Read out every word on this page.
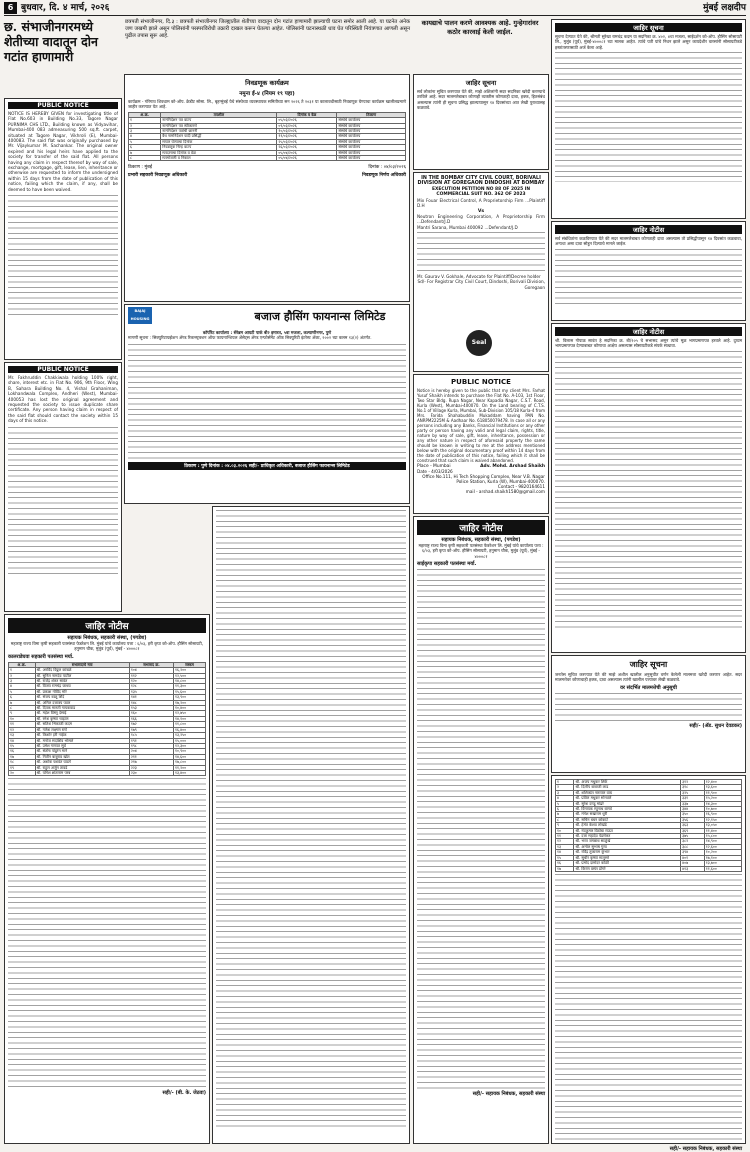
6 बुधवार, दि. ४ मार्च, २०२६	मुंबई लक्षदीप
छ. संभाजीनगरमध्ये शेतीच्या वादातून दोन गटांत हाणामारी
छत्रपती संभाजीनगर, दि.३ : छत्रपती संभाजीनगर जिल्ह्यातील शेतीच्या वादातून दोन गटांत हाणामारी झाल्याची घटना समोर आली आहे. या घटनेत अनेक जण जखमी झाले असून पोलिसांनी परस्परविरोधी तक्रारी दाखल करून घेतल्या आहेत. पोलिसांनी घटनास्थळी धाव घेत परिस्थिती नियंत्रणात आणली असून पुढील तपास सुरू आहे.
कायद्याचे पालन करणे आवश्यक आहे. गुन्हेगारांवर कठोर कारवाई केली जाईल.
PUBLIC NOTICE
NOTICE IS HEREBY GIVEN for investigating title of Flat No.603 in Building No.33, Tagore Nagar PURNIMA CHS LTD., Building known as Vidyavihar, Mumbai-400 083 admeasuring 500 sq.ft. carpet, situated at Tagore Nagar, Vikhroli (E), Mumbai-400083. The said flat was originally purchased by Mr. Vijaykumar M. Sachankar. The original owner expired and his legal heirs have applied to the society for transfer of the said flat. All persons having any claim in respect thereof by way of sale, exchange, mortgage, gift, lease, lien, inheritance or otherwise are requested to inform the undersigned within 15 days from the date of publication of this notice, failing which the claim, if any, shall be deemed to have been waived.
PUBLIC NOTICE
Mr. Fakhruddin Chakkiwala holding 100% right, share, interest etc. in Flat No. 906, 9th Floor, Wing B, Sahara Building No. 4, Vishal Grahaniman, Lokhandwala Complex, Andheri (West), Mumbai-400053 has lost the original agreement and requested the society to issue duplicate share certificate. Any person having claim in respect of the said flat should contact the society within 15 days of this notice.
निवडणूक कार्यक्रम
नमुना ई-४ (नियम १९ पहा)
कार्यक्रम - गोरेगाव शिवधाम को-ऑप. क्रेडीट सोसा. लि., बृहन्मुंबई येथे संस्थेच्या व्यवस्थापक समितीच्या सन २०२६ ते २०३१ या कालावधीसाठी निवडणूक घेण्याचा कार्यक्रम खालीलप्रमाणे जाहीर करण्यात येत आहे.
अ.क्र.	तपशील	दिनांक व वेळ	ठिकाण
१	नामनिर्देशन पत्र वाटप	०५/०३/२०२६	संस्थेचे कार्यालय
२	नामनिर्देशन पत्र स्वीकारणे	०९/०३/२०२६	संस्थेचे कार्यालय
३	नामनिर्देशन पत्रांची छाननी	१०/०३/२०२६	संस्थेचे कार्यालय
४	वैध नामनिर्देशन यादी प्रसिद्धी	११/०३/२०२६	संस्थेचे कार्यालय
५	माघार घेण्याचा दिनांक	२५/०३/२०२६	संस्थेचे कार्यालय
६	निवडणूक चिन्ह वाटप	२६/०३/२०२६	संस्थेचे कार्यालय
७	मतदानाचा दिनांक व वेळ	०५/०४/२०२६	संस्थेचे कार्यालय
८	मतमोजणी व निकाल	०५/०४/२०२६	संस्थेचे कार्यालय
ठिकाण : मुंबई	दिनांक : ०४/०३/२०२६
प्रभारी सहकारी निवडणूक अधिकारी	निवडणूक निर्णय अधिकारी
जाहिर सूचना
सर्व लोकांना सूचित करण्यात येते की, माझे अशिलांनी सदर सदनिका खरेदी करण्याचे ठरविले आहे. सदर मालमत्तेबाबत कोणाही व्यक्तीस कोणताही दावा, हक्क, हितसंबंध असल्यास त्यांनी ही सूचना प्रसिद्ध झाल्यापासून १४ दिवसांच्या आत लेखी पुराव्यासह कळवावे.
IN THE BOMBAY CITY CIVIL COURT, BORIVALI DIVISION AT GOREGAON DINDOSHI AT BOMBAY
EXECUTION PETITION NO 88 OF 2025 IN COMMERCIAL SUIT NO. 362 OF 2023
Mix Fouar Electrical Control, A Proprietorship Firm ...Plaintiff D.H
Vs
Neutron Engineering Corporation, A Proprietorship Firm ...Defendant/J.D
Mantri Sarana, Mumbai 400092 ...Defendant/J.D
Mr. Gaurav V. Gokhale, Advocate for Plaintiff/Decree holder
Sd/- For Registrar City Civil Court, Dindoshi, Borivali Division, Goregaon
Seal
PUBLIC NOTICE
Notice is hereby given to the public that my client Mrs. Farhat Yusuf Shaikh intends to purchase the Flat No. A-103, 1st Floor, Two Star Bldg. Rupa Nagar, Near Kapadia Nagar, C.S.T. Road, Kurla (West), Mumbai-400070. On the Land bearing of C.T.S. No.1 of Village Kurla, Mumbai, Sub-Division 105/18 Kurla-4 from Mrs. Farida Shahabuddin Mukaddam having PAN No. ANRPM2225M & Aadhaar No. 618050079478. In case all or any persons including any Banks, Financial Institutions or any other party or person having any valid and legal claim, rights, title, nature by way of sale, gift, lease, inheritance, possession or any other nature in respect of aforesaid property the same should be known in writing to me at the address mentioned below with the original documentary proof within 14 days from the date of publication of this notice, failing which it shall be construed that such claim is waived abandoned.
Place - Mumbai	Adv. Mohd. Arshad Shaikh
Date - 4/03/2026
Office No.111, Hi Tech Shopping Complex, Near V.B. Nagar Police Station, Kurla (W), Mumbai-400070.
Contact - 9820164611
mail - arshad.shaikh1580@gmail.com
कॉर्पोरेट कार्यालय : सेरेब्रम आयटी पार्क बी२ इमारत, ५वा मजला, कल्याणीनगर, पुणे
मागणी सूचना : सिक्युरिटायझेशन ॲण्ड रिकन्स्ट्रक्शन ऑफ फायनान्शियल ॲसेट्स ॲण्ड एन्फोर्समेंट ऑफ सिक्युरिटी इंटरेस्ट ॲक्ट, २००२ च्या कलम १३(२) अंतर्गत.
ठिकाण : पुणे दिनांक : ०४.०३.२०२६ सही/- प्राधिकृत अधिकारी, बजाज हौसिंग फायनान्स लिमिटेड
BAJAJ HOUSING FINANCE
बजाज हौसिंग फायनान्स लिमिटेड
जाहिर नोटीस
सहायक निबंधक, सहकारी संस्था, (पगडेश)
महाराष्ट्र राज्य विमा कृषी सहकारी पतसंस्था फेडरेशन लि. मुंबई यांचे कार्यालय पत्ता : ६/०३, हरी कृपा को-ऑप. हौसिंग सोसायटी, हनुमान चौक, मुलुंड (पूर्व), मुंबई - ४०००८१
कालराडेघवा सहकारी पतसंस्था मर्या.
अ.क्र.	सभासदाचे नाव	सभासद क्र.	रक्कम
१	श्री. अरविंद विठ्ठल कांबळे	१०४	१६,२००
२	श्री. सुनिल नामदेव पाटील	११२	१२,५००
३	श्री. राजेंद्र शंकर सावंत	१२०	१४,८००
४	श्री. विजय रामचंद्र जाधव	१२८	११,३००
५	श्री. प्रकाश गोविंद मोरे	१३५	१५,६००
६	श्री. संजय बाळू शिंदे	१४१	१३,९००
७	श्री. अनिल दत्तात्रय पवार	१४८	१७,२००
८	श्री. दिपक मारुती गायकवाड	१५३	१०,४००
९	श्री. महेश विष्णू देसाई	१६०	१२,७५०
१०	श्री. रमेश कृष्णा चव्हाण	१६६	१४,१००
११	श्री. सतिश भिकाजी कदम	१७२	११,८००
१२	श्री. गणेश लक्ष्मण राणे	१७९	१६,४००
१३	श्री. किशोर हरी नाईक	१८५	१३,२५०
१४	श्री. मनोज सदाशिव भोसले	१९१	१५,०००
१५	श्री. उमेश गणपत सुर्वे	१९८	१२,३००
१६	श्री. संतोष पांडुरंग माने	२०४	१०,९००
१७	श्री. नितीन बाबुराव खोत	२११	१४,६००
१८	श्री. अशोक यशवंत घाडगे	२१७	१७,८००
१९	श्री. राहुल अर्जुन तावडे	२२३	११,२००
२०	श्री. योगेश शांताराम परब	२३०	१३,४००
सही/- (बी. के. जेठवा)
जाहिर नोटीस
सहायक निबंधक, सहकारी संस्था, (पगडेश)
महाराष्ट्र राज्य विमा कृषी सहकारी पतसंस्था फेडरेशन लि. मुंबई यांचे कार्यालय पत्ता : ६/०३, हरी कृपा को-ऑप. हौसिंग सोसायटी, हनुमान चौक, मुलुंड (पूर्व), मुंबई - ४०००८१
साईकृपा सहकारी पतसंस्था मर्या.
सही/- सहायक निबंधक, सहकारी संस्था
जाहिर सूचना
सूचना देण्यात येते की, श्रीमती सुरेखा रामचंद्र कदम या सदनिका क्र. ४०२, ४था मजला, साईदर्शन को-ऑप. हौसिंग सोसायटी लि., मुलुंड (पूर्व), मुंबई-४०००८१ च्या मालक आहेत. त्यांचे पती यांचे निधन झाले असून कायदेशीर वारसांनी सोसायटीकडे हस्तांतरणासाठी अर्ज केला आहे.
जाहिर नोटीस
सर्व संबंधितांना कळविण्यात येते की सदर मालमत्तेबाबत कोणताही दावा असल्यास तो प्रसिद्धीपासून १४ दिवसांत कळवावा, अन्यथा असा दावा सोडून दिल्याचे मानले जाईल.
जाहिर नोटीस
श्री. विलास गोपाळ सावंत हे सदनिका क्र. बी/१०५ चे सभासद असून त्यांचे मूळ भागप्रमाणपत्र हरवले आहे. दुय्यम भागप्रमाणपत्र देण्याबाबत कोणाचा आक्षेप असल्यास सोसायटीकडे संपर्क साधावा.
जाहिर सूचना
जनतेस सूचित करण्यात येते की माझे अशील खालील अनुसूचीत वर्णन केलेली मालमत्ता खरेदी करणार आहेत. सदर मालमत्तेवर कोणाचाही हक्क, दावा असल्यास त्यांनी खालील पत्त्यावर लेखी कळवावे.
वर संदर्भित मालमत्तेची अनुसूची
सही/- (ॲड. सुधन देवडकर)
१	श्री. अजय मधुकर शिर्के	३१२	१२,४००
२	श्री. दिलीप बाबाजी लाड	३१८	१३,६००
३	श्री. शशिकांत नारायण वाघ	३२५	११,९००
४	श्री. प्रविण मधुकर सोनवणे	३३१	१५,२००
५	श्री. सुरेश दगडू मांढरे	३३७	१४,३००
६	श्री. विनायक रघुनाथ बागवे	३४४	१०,७००
७	श्री. मंगेश सखाराम धुरी	३५०	१६,९००
८	श्री. सचिन बबन कोकाटे	३५६	१२,१५०
९	श्री. हेमंत केशव लोखंडे	३६३	१३,०५०
१०	श्री. नंदकुमार विठोबा राऊत	३६९	११,४००
११	श्री. दत्ता महादेव पेडणेकर	३७५	१५,८००
१२	श्री. भरत जगन्नाथ साळुंखे	३८२	१४,९००
१३	श्री. अमोल सुभाष गुरव	३८८	१२,६००
१४	श्री. रविंद्र तुकाराम कुंभार	३९४	१०,२००
१५	श्री. सुधीर कृष्णा मालुसरे	४०१	१७,१००
१६	श्री. प्रमोद दामोदर कोळी	४०७	१३,७००
१७	श्री. किरण वसंत डोंगरे	४१३	११,६००
सही/- सहायक निबंधक, सहकारी संस्था
